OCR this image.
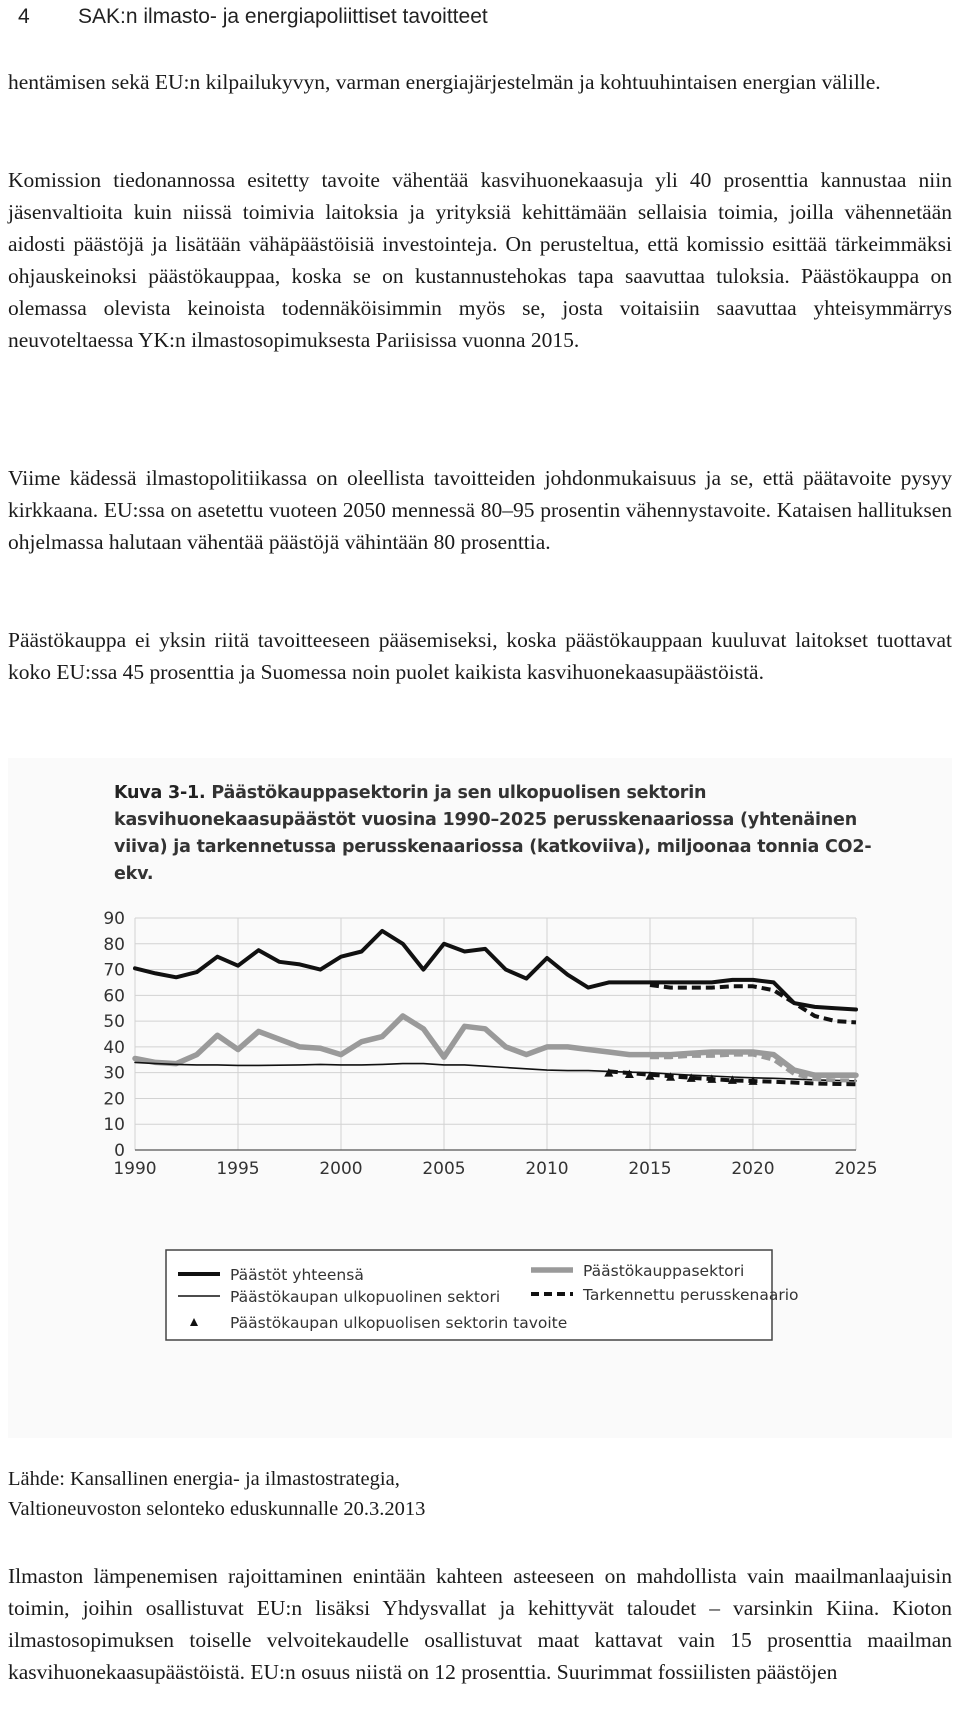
4	SAK:n ilmasto- ja energiapoliittiset tavoitteet

hentämisen sekä EU:n kilpailukyvyn, varman energiajärjestelmän ja kohtuuhintaisen energian välille.

Komission tiedonannossa esitetty tavoite vähentää kasvihuonekaasuja yli 40 prosenttia kannustaa niin jäsenvaltioita kuin niissä toimivia laitoksia ja yrityksiä kehittämään sellaisia toimia, joilla vähennetään aidosti päästöjä ja lisätään vähäpäästöisiä investointeja. On perusteltua, että komissio esittää tärkeimmäksi ohjauskeinoksi päästökauppaa, koska se on kustannustehokas tapa saavuttaa tuloksia. Päästökauppa on olemassa olevista keinoista todennäköisimmin myös se, josta voitaisiin saavuttaa yhteisymmärrys neuvoteltaessa YK:n ilmastosopimuksesta Pariisissa vuonna 2015.

Viime kädessä ilmastopolitiikassa on oleellista tavoitteiden johdonmukaisuus ja se, että päätavoite pysyy kirkkaana. EU:ssa on asetettu vuoteen 2050 mennessä 80–95 prosentin vähennystavoite. Kataisen hallituksen ohjelmassa halutaan vähentää päästöjä vähintään 80 prosenttia.

Päästökauppa ei yksin riitä tavoitteeseen pääsemiseksi, koska päästökauppaan kuuluvat laitokset tuottavat koko EU:ssa 45 prosenttia ja Suomessa noin puolet kaikista kasvihuonekaasupäästöistä.

Kuva 3-1. Päästökauppasektorin ja sen ulkopuolisen sektorin kasvihuonekaasupäästöt vuosina 1990–2025 perusskenaariossa (yhtenäinen viiva) ja tarkennetussa perusskenaariossa (katkoviiva), miljoonaa tonnia CO2-ekv.
0
10
20
30
40
50
60
70
80
90
1990	1995	2000	2005	2010	2015	2020	2025
Päästöt yhteensä	Päästökauppasektori
Päästökaupan ulkopuolinen sektori	Tarkennettu perusskenaario
Päästökaupan ulkopuolisen sektorin tavoite
Lähde: Kansallinen energia- ja ilmastostrategia,
Valtioneuvoston selonteko eduskunnalle 20.3.2013

Ilmaston lämpenemisen rajoittaminen enintään kahteen asteeseen on mahdollista vain maailmanlaajuisin toimin, joihin osallistuvat EU:n lisäksi Yhdysvallat ja kehittyvät taloudet – varsinkin Kiina. Kioton ilmastosopimuksen toiselle velvoitekaudelle osallistuvat maat kattavat vain 15 prosenttia maailman kasvihuonekaasupäästöistä. EU:n osuus niistä on 12 prosenttia. Suurimmat fossiilisten päästöjen
